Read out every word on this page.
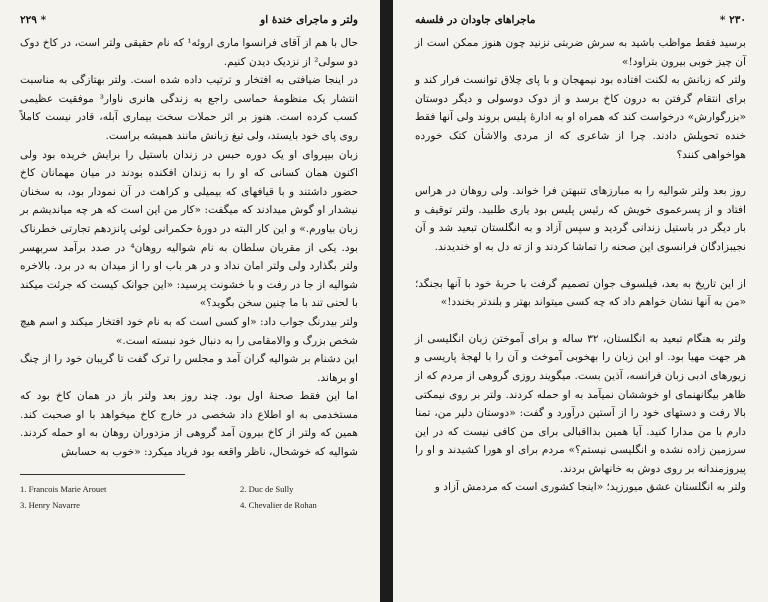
ولتر و ماجرای خندهٔ او
* ۲۲۹

حال با هم از آقای فرانسوا ماری اروئه¹ که نام حقیقی ولتر است، در کاخ دوک دو سولی² از نزدیک دیدن کنیم.

در اینجا ضیافتی به افتخار و ترتیب داده شده است. ولتر بهتازگی به مناسبت انتشار یک منظومهٔ حماسی راجع به زندگی هانری ناوار³ موفقیت عظیمی کسب کرده است. هنوز بر اثر حملات سخت بیماری آبله، قادر نیست کاملاً روی پای خود بایستد، ولی تیغ زبانش مانند همیشه براست.

زبان بیپروای او یک دوره حبس در زندان باستیل را برایش خریده بود ولی اکنون همان کسانی که او را به زندان افکنده بودند در میان مهمانان کاخ حضور داشتند و با قیافهای که بیمیلی و کراهت در آن نمودار بود، به سخنان نیشدار او گوش میدادند که میگفت: «کار من این است که هر چه میاندیشم بر زبان بیاورم.» و این کار البته در دورهٔ حکمرانی لوئی پانزدهم تجارتی خطرناک بود. یکی از مقربان سلطان به نام شوالیه روهان⁴ در صدد برآمد سربهسر ولتر بگذارد ولی ولتر امان نداد و در هر باب او را از میدان به در برد. بالاخره شوالیه از جا در رفت و با خشونت پرسید: «این جوانک کیست که جرئت میکند با لحنی تند با ما چنین سخن بگوید؟»

ولتر بیدرنگ جواب داد: «او کسی است که به نام خود افتخار میکند و اسم هیچ شخص بزرگ و والامقامی را به دنبال خود نبسته است.»

این دشنام بر شوالیه گران آمد و مجلس را ترک گفت تا گریبان خود را از چنگ او برهاند.

اما این فقط صحنهٔ اول بود. چند روز بعد ولتر باز در همان کاخ بود که مستخدمی به او اطلاع داد شخصی در خارج کاخ میخواهد با او صحبت کند. همین که ولتر از کاخ بیرون آمد گروهی از مزدوران روهان به او حمله کردند. شوالیه که خوشحال، ناظر واقعه بود فریاد میکرد: «خوب به حسابش

1. Francois Marie Arouet	2. Duc de Sully
3. Henry Navarre	4. Chevalier de Rohan
۲۳۰ *
ماجراهای جاودان در فلسفه

برسید فقط مواظب باشید به سرش ضربتی نزنید چون هنوز ممکن است از آن چیز خوبی بیرون بتراود!»

ولتر که زبانش به لکنت افتاده بود نیمهجان و با پای چلاق توانست فرار کند و برای انتقام گرفتن به درون کاخ برسد و از دوک دوسولی و دیگر دوستان «بزرگوارش» درخواست کند که همراه او به ادارهٔ پلیس بروند ولی آنها فقط خنده تحویلش دادند. چرا از شاعری که از مردی والاشأن کتک خورده هواخواهی کنند؟

روز بعد ولتر شوالیه را به مبارزهای تنبهتن فرا خواند. ولی روهان در هراس افتاد و از پسرعموی خویش که رئیس پلیس بود یاری طلبید. ولتر توقیف و بار دیگر در باستیل زندانی گردید و سپس آزاد و به انگلستان تبعید شد و آن نجیبزادگان فرانسوی این صحنه را تماشا کردند و از ته دل به او خندیدند.

از این تاریخ به بعد، فیلسوف جوان تصمیم گرفت با حربهٔ خود با آنها بجنگد؛ «من به آنها نشان خواهم داد که چه کسی میتواند بهتر و بلندتر بخندد!»

ولتر به هنگام تبعید به انگلستان، ۳۲ ساله و برای آموختن زبان انگلیسی از هر جهت مهیا بود. او این زبان را بهخوبی آموخت و آن را با لهجهٔ پاریسی و زیورهای ادبی زبان فرانسه، آذین بست. میگویند روزی گروهی از مردم که از ظاهر بیگانهنمای او خوششان نمیآمد به او حمله کردند. ولتر بر روی نیمکتی بالا رفت و دستهای خود را از آستین درآورد و گفت: «دوستان دلیر من، تمنا دارم با من مدارا کنید. آیا همین بدااقبالی برای من کافی نیست که در این سرزمین زاده نشده و انگلیسی نیستم؟» مردم برای او هورا کشیدند و او را پیروزمندانه بر روی دوش به خانهاش بردند.

ولتر به انگلستان عشق میورزید؛ «اینجا کشوری است که مردمش آزاد و
